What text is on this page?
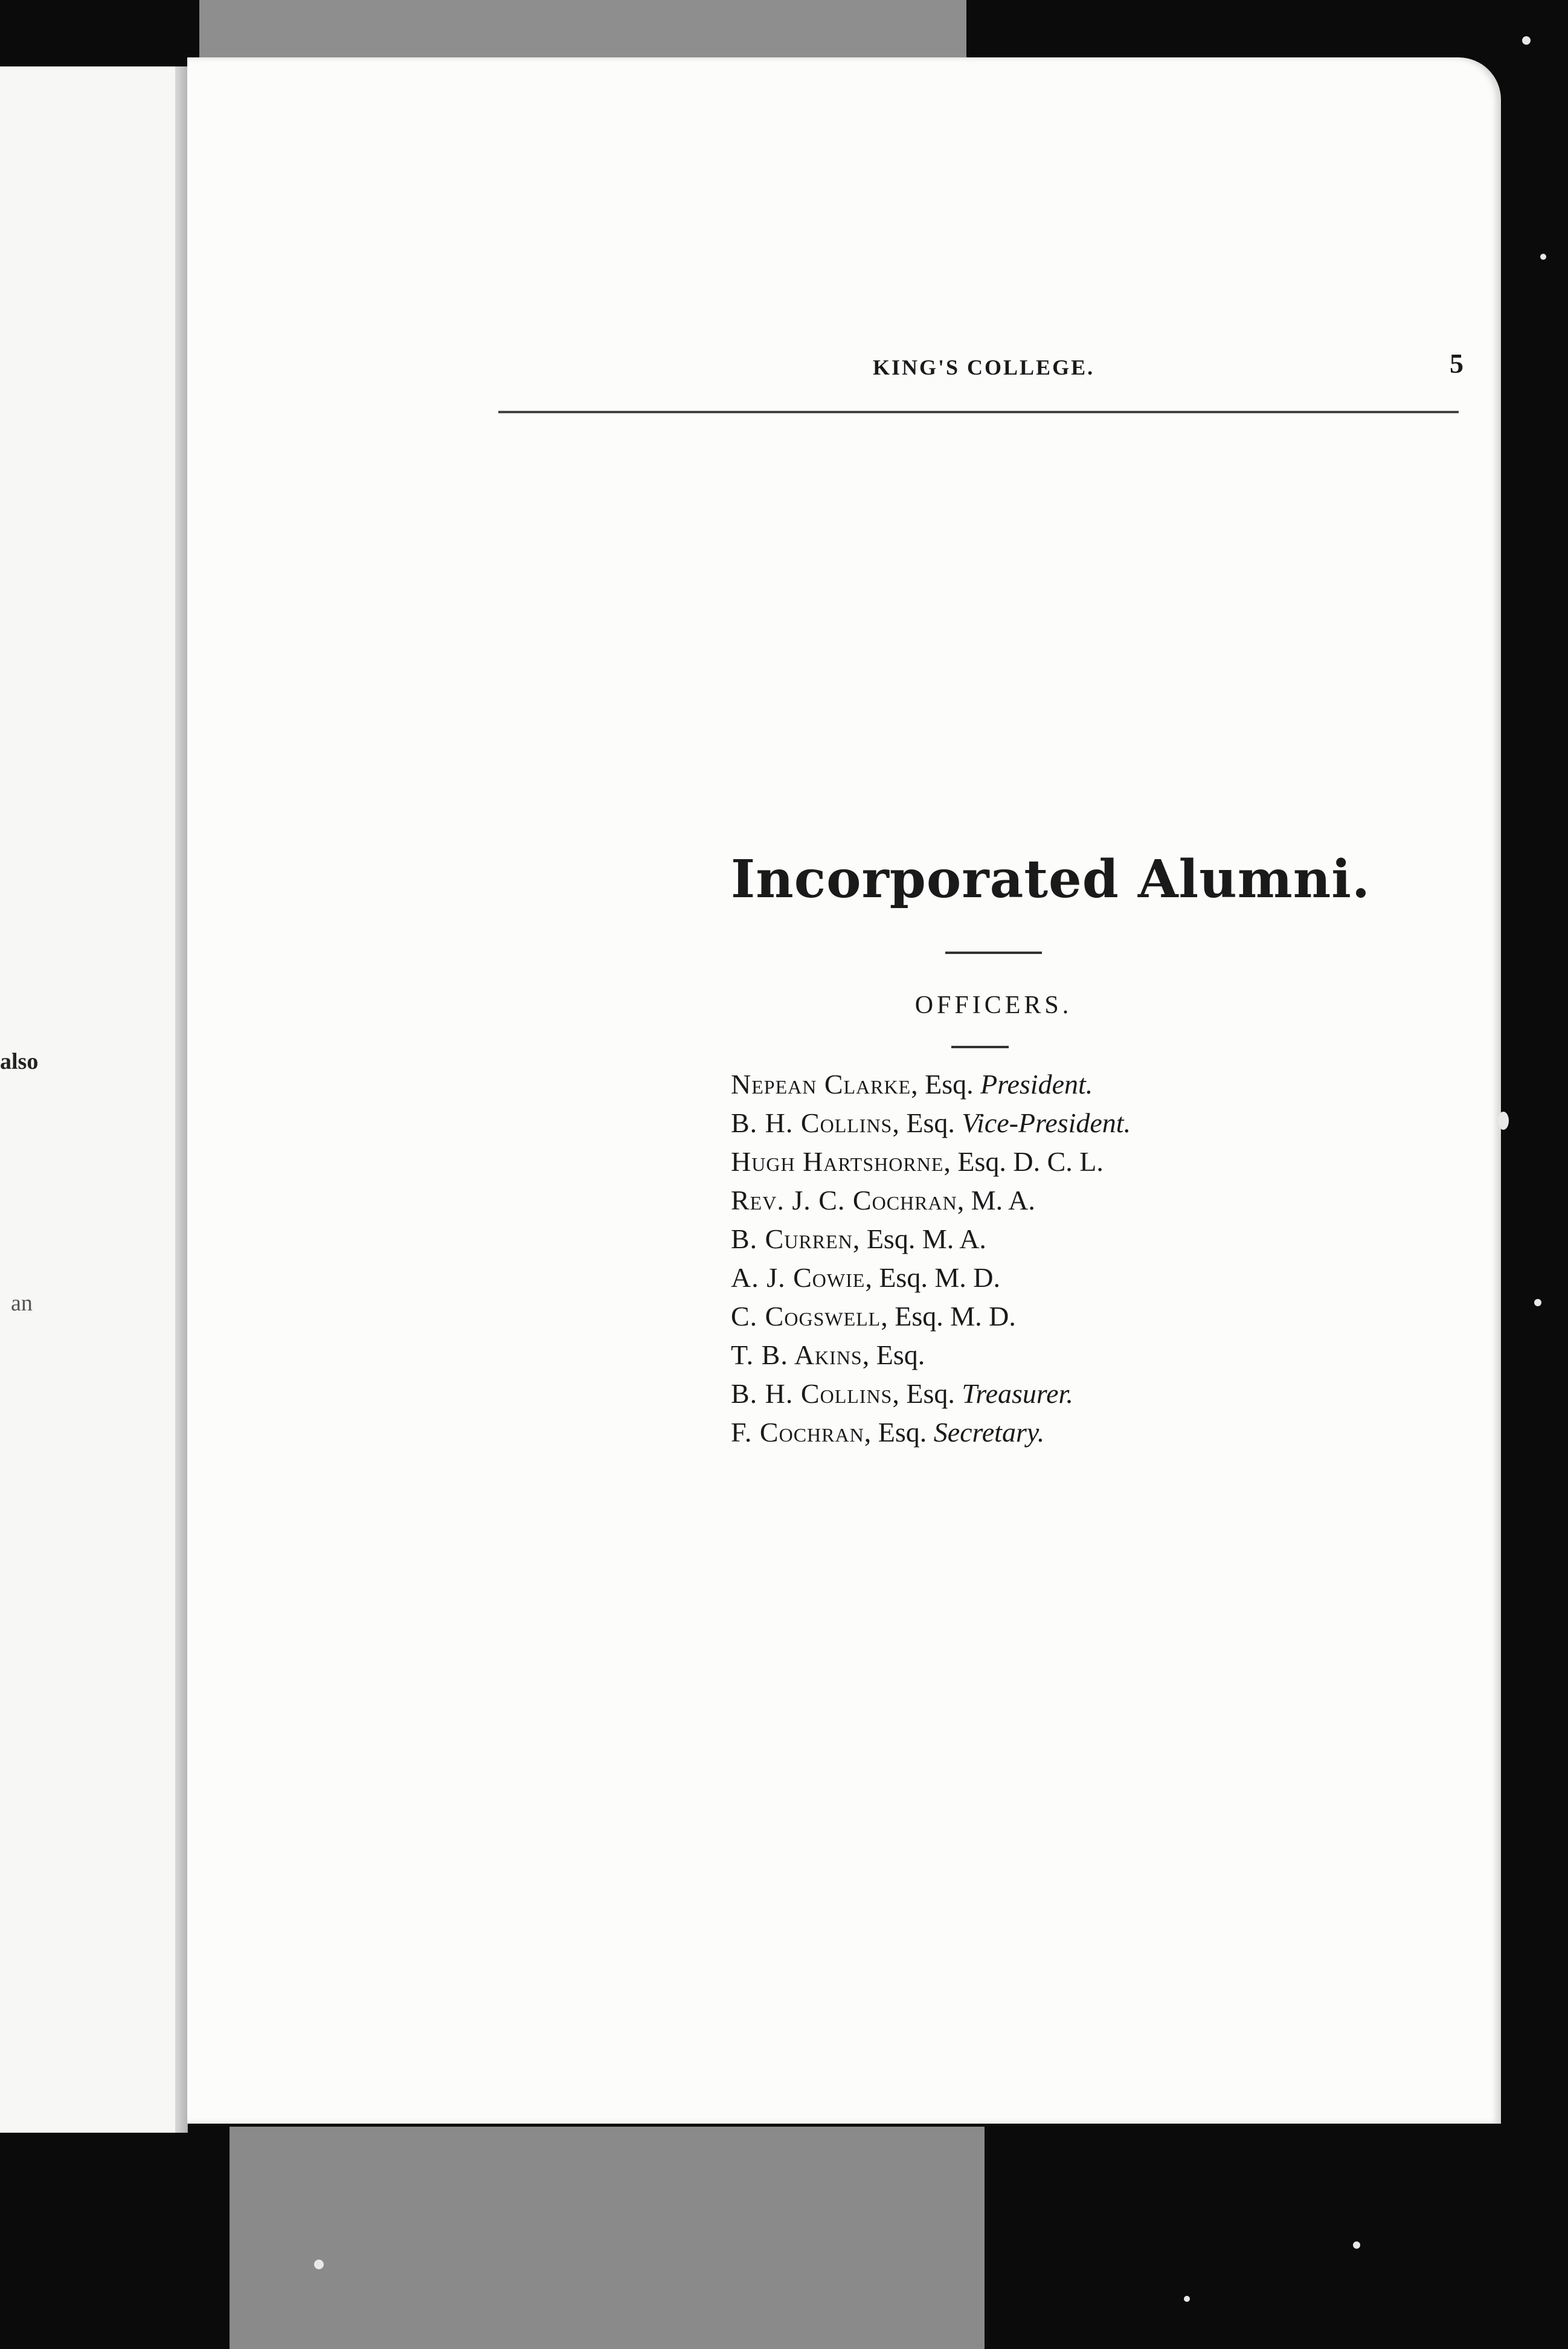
also
an
KING'S COLLEGE.	5
Incorporated Alumni.
OFFICERS.
Nepean Clarke, Esq. President.
B. H. Collins, Esq. Vice-President.
Hugh Hartshorne, Esq. D. C. L.
Rev. J. C. Cochran, M. A.
B. Curren, Esq. M. A.
A. J. Cowie, Esq. M. D.
C. Cogswell, Esq. M. D.
T. B. Akins, Esq.
B. H. Collins, Esq. Treasurer.
F. Cochran, Esq. Secretary.
